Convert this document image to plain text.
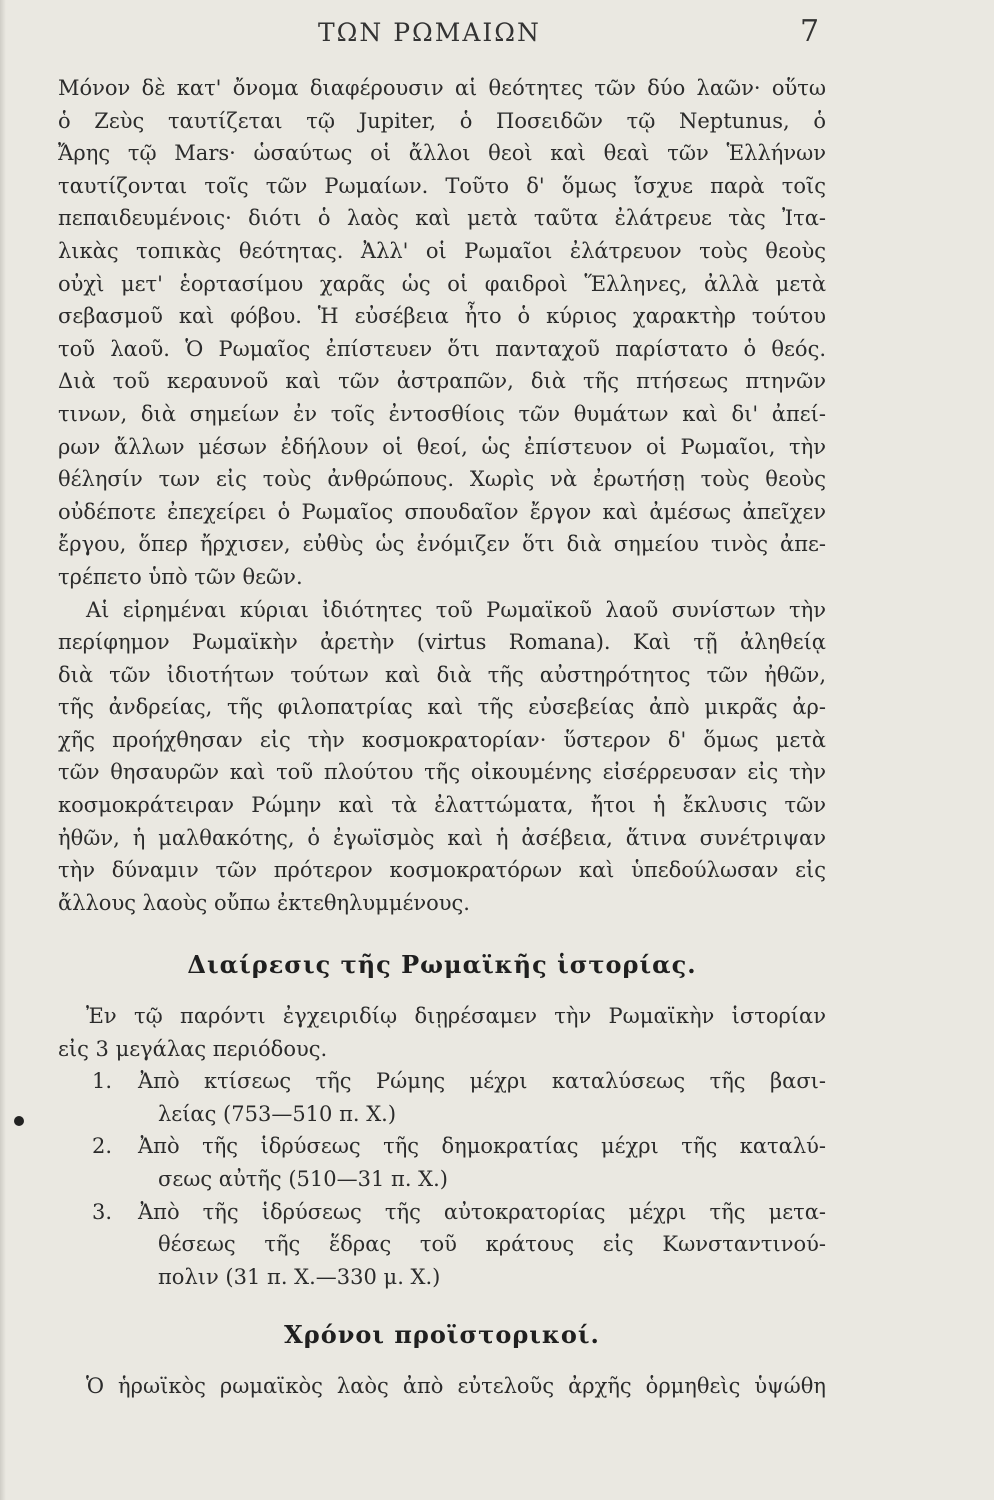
ΤΩΝ ΡΩΜΑΙΩΝ	7
Μόνον δὲ κατ' ὄνομα διαφέρουσιν αἱ θεότητες τῶν δύο λαῶν· οὕτω
ὁ Ζεὺς ταυτίζεται τῷ Jupiter, ὁ Ποσειδῶν τῷ Neptunus, ὁ
Ἄρης τῷ Mars· ὡσαύτως οἱ ἄλλοι θεοὶ καὶ θεαὶ τῶν Ἑλλήνων
ταυτίζονται τοῖς τῶν Ρωμαίων. Τοῦτο δ' ὅμως ἴσχυε παρὰ τοῖς
πεπαιδευμένοις· διότι ὁ λαὸς καὶ μετὰ ταῦτα ἐλάτρευε τὰς Ἰτα-
λικὰς τοπικὰς θεότητας. Ἀλλ' οἱ Ρωμαῖοι ἐλάτρευον τοὺς θεοὺς
οὐχὶ μετ' ἑορτασίμου χαρᾶς ὡς οἱ φαιδροὶ Ἕλληνες, ἀλλὰ μετὰ
σεβασμοῦ καὶ φόβου. Ἡ εὐσέβεια ἦτο ὁ κύριος χαρακτὴρ τούτου
τοῦ λαοῦ. Ὁ Ρωμαῖος ἐπίστευεν ὅτι πανταχοῦ παρίστατο ὁ θεός.
Διὰ τοῦ κεραυνοῦ καὶ τῶν ἀστραπῶν, διὰ τῆς πτήσεως πτηνῶν
τινων, διὰ σημείων ἐν τοῖς ἐντοσθίοις τῶν θυμάτων καὶ δι' ἀπεί-
ρων ἄλλων μέσων ἐδήλουν οἱ θεοί, ὡς ἐπίστευον οἱ Ρωμαῖοι, τὴν
θέλησίν των εἰς τοὺς ἀνθρώπους. Χωρὶς νὰ ἐρωτήσῃ τοὺς θεοὺς
οὐδέποτε ἐπεχείρει ὁ Ρωμαῖος σπουδαῖον ἔργον καὶ ἀμέσως ἀπεῖχεν
ἔργου, ὅπερ ἤρχισεν, εὐθὺς ὡς ἐνόμιζεν ὅτι διὰ σημείου τινὸς ἀπε-
τρέπετο ὑπὸ τῶν θεῶν.
Αἱ εἰρημέναι κύριαι ἰδιότητες τοῦ Ρωμαϊκοῦ λαοῦ συνίστων τὴν
περίφημον Ρωμαϊκὴν ἀρετὴν (virtus Romana). Καὶ τῇ ἀληθείᾳ
διὰ τῶν ἰδιοτήτων τούτων καὶ διὰ τῆς αὐστηρότητος τῶν ἠθῶν,
τῆς ἀνδρείας, τῆς φιλοπατρίας καὶ τῆς εὐσεβείας ἀπὸ μικρᾶς ἀρ-
χῆς προήχθησαν εἰς τὴν κοσμοκρατορίαν· ὕστερον δ' ὅμως μετὰ
τῶν θησαυρῶν καὶ τοῦ πλούτου τῆς οἰκουμένης εἰσέρρευσαν εἰς τὴν
κοσμοκράτειραν Ρώμην καὶ τὰ ἐλαττώματα, ἤτοι ἡ ἔκλυσις τῶν
ἠθῶν, ἡ μαλθακότης, ὁ ἐγωϊσμὸς καὶ ἡ ἀσέβεια, ἅτινα συνέτριψαν
τὴν δύναμιν τῶν πρότερον κοσμοκρατόρων καὶ ὑπεδούλωσαν εἰς
ἄλλους λαοὺς οὔπω ἐκτεθηλυμμένους.
Διαίρεσις τῆς Ρωμαϊκῆς ἱστορίας.
Ἐν τῷ παρόντι ἐγχειριδίῳ διῃρέσαμεν τὴν Ρωμαϊκὴν ἱστορίαν
εἰς 3 μεγάλας περιόδους.
1. Ἀπὸ κτίσεως τῆς Ρώμης μέχρι καταλύσεως τῆς βασι-
λείας (753—510 π. Χ.)
2. Ἀπὸ τῆς ἱδρύσεως τῆς δημοκρατίας μέχρι τῆς καταλύ-
σεως αὐτῆς (510—31 π. Χ.)
3. Ἀπὸ τῆς ἱδρύσεως τῆς αὐτοκρατορίας μέχρι τῆς μετα-
θέσεως τῆς ἕδρας τοῦ κράτους εἰς Κωνσταντινού-
πολιν (31 π. Χ.—330 μ. Χ.)
Χρόνοι προϊστορικοί.
Ὁ ἡρωϊκὸς ρωμαϊκὸς λαὸς ἀπὸ εὐτελοῦς ἀρχῆς ὁρμηθεὶς ὑψώθη
